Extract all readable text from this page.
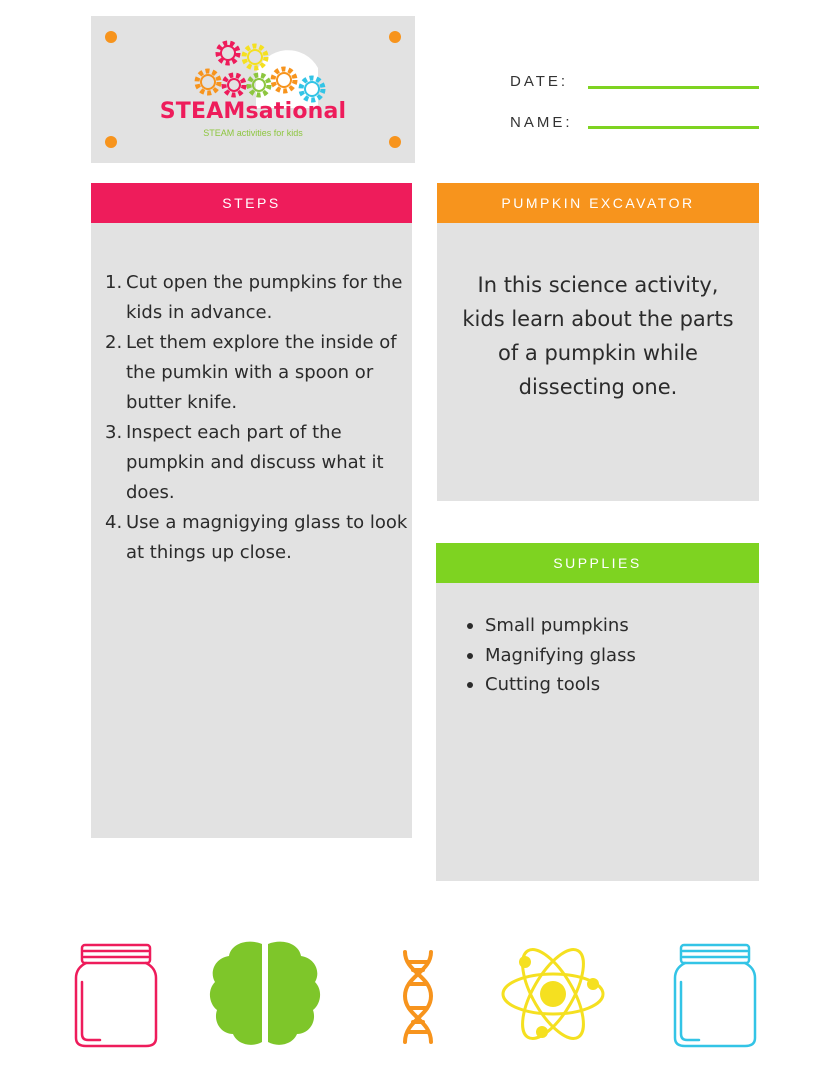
STEAMsational
STEAM activities for kids
DATE:
NAME:
STEPS
1. Cut open the pumpkins for the kids in advance.
2. Let them explore the inside of the pumkin with a spoon or butter knife.
3. Inspect each part of the pumpkin and discuss what it does.
4. Use a magnigying glass to look at things up close.
PUMPKIN EXCAVATOR
In this science activity, kids learn about the parts of a pumpkin while dissecting one.
SUPPLIES
Small pumpkins
Magnifying glass
Cutting tools
